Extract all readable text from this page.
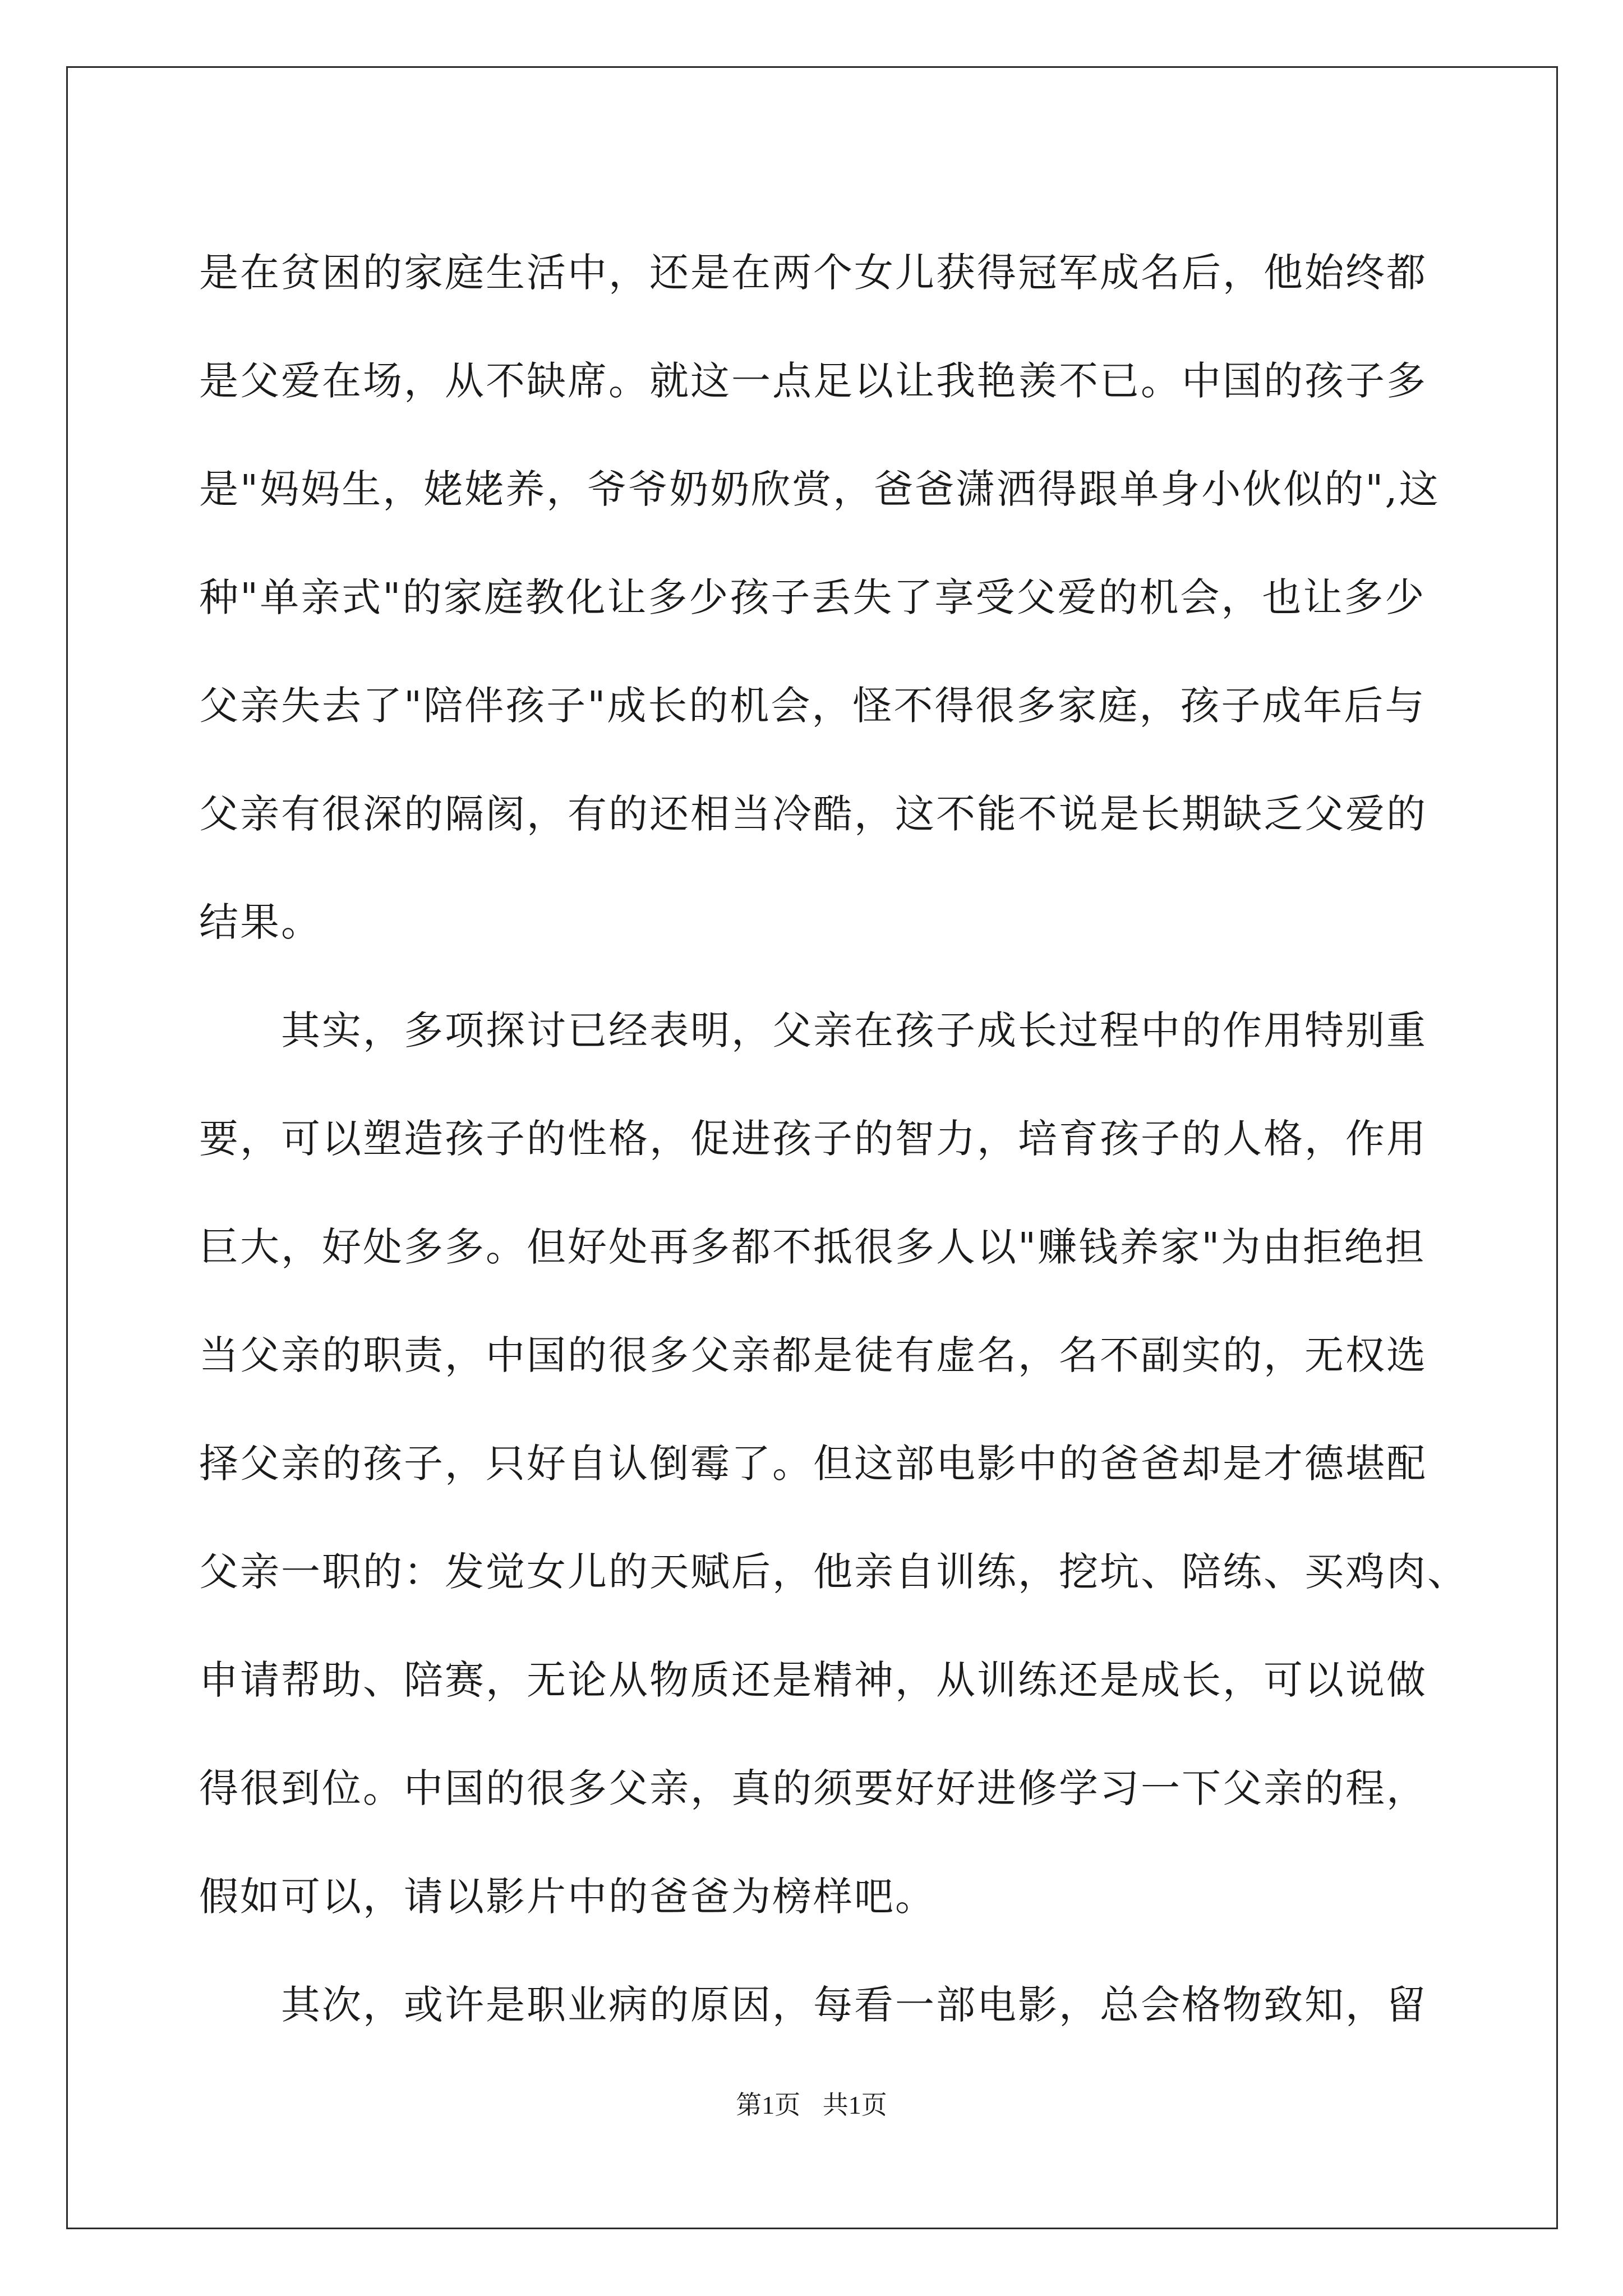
是在贫困的家庭生活中，还是在两个女儿获得冠军成名后，他始终都
是父爱在场，从不缺席。就这一点足以让我艳羡不已。中国的孩子多
是"妈妈生，姥姥养，爷爷奶奶欣赏，爸爸潇洒得跟单身小伙似的",这
种"单亲式"的家庭教化让多少孩子丢失了享受父爱的机会，也让多少
父亲失去了"陪伴孩子"成长的机会，怪不得很多家庭，孩子成年后与
父亲有很深的隔阂，有的还相当冷酷，这不能不说是长期缺乏父爱的
结果。

其实，多项探讨已经表明，父亲在孩子成长过程中的作用特别重
要，可以塑造孩子的性格，促进孩子的智力，培育孩子的人格，作用
巨大，好处多多。但好处再多都不抵很多人以"赚钱养家"为由拒绝担
当父亲的职责，中国的很多父亲都是徒有虚名，名不副实的，无权选
择父亲的孩子，只好自认倒霉了。但这部电影中的爸爸却是才德堪配
父亲一职的：发觉女儿的天赋后，他亲自训练，挖坑、陪练、买鸡肉、
申请帮助、陪赛，无论从物质还是精神，从训练还是成长，可以说做
得很到位。中国的很多父亲，真的须要好好进修学习一下父亲的程，
假如可以，请以影片中的爸爸为榜样吧。

其次，或许是职业病的原因，每看一部电影，总会格物致知，留

第1页 共1页
